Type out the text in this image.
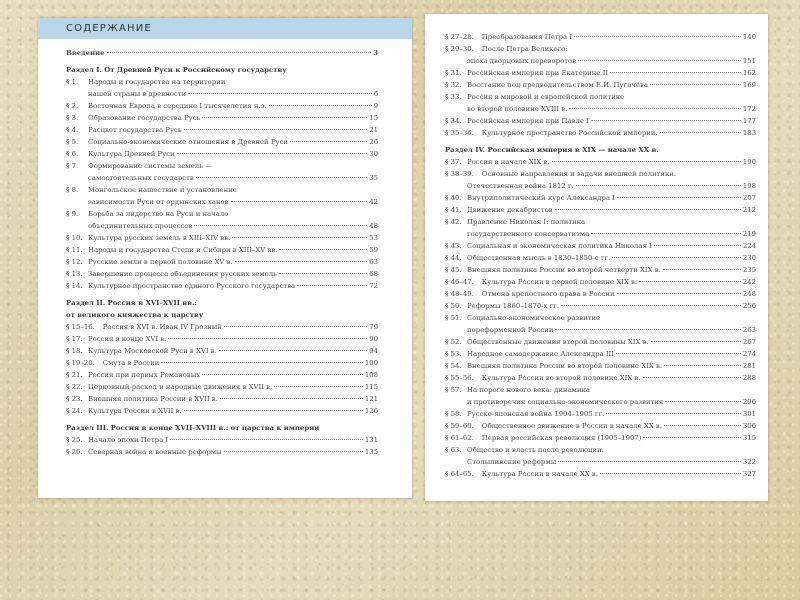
СОДЕРЖАНИЕ
Введение	3
Раздел I. От Древней Руси к Российскому государству
§ 1.	Народы и государства на территории
нашей страны в древности	6
§ 2.	Восточная Европа в середине I тысячелетия н.э.	9
§ 3.	Образование государства Русь	15
§ 4.	Расцвет государства Русь	21
§ 5.	Социально-экономические отношения в Древней Руси	26
§ 6.	Культура Древней Руси	30
§ 7.	Формирование системы земель —
самостоятельных государств	35
§ 8.	Монгольское нашествие и установление
зависимости Руси от ордынских ханов	42
§ 9.	Борьба за лидерство на Руси и начало
объединительных процессов	48
§ 10. Культура русских земель в XIII–XIV вв.	53
§ 11. Народы и государства Степи и Сибири в XIII–XV вв.	59
§ 12. Русские земли в первой половине XV в.	63
§ 13. Завершение процесса объединения русских земель	68
§ 14. Культурное пространство единого Русского государства	72
Раздел II. Россия в XVI–XVII вв.:
от великого княжества к царству
§ 15–16.	Россия в XVI в. Иван IV Грозный	79
§ 17. Россия в конце XVI в.	90
§ 18. Культура Московской Руси в XVI в.	94
§ 19–20.	Смута в России	100
§ 21. Россия при первых Романовых	108
§ 22. Церковный раскол и народные движения в XVII в.	115
§ 23. Внешняя политика России в XVII в.	121
§ 24. Культура России в XVII в.	126
Раздел III. Россия в конце XVII–XVIII в.: от царства к империи
§ 25. Начало эпохи Петра I	131
§ 26. Северная война и военные реформы	135
§ 27–28.	Преобразования Петра I	140
§ 29–30.	После Петра Великого:
эпоха дворцовых переворотов	151
§ 31. Российская империя при Екатерине II	162
§ 32. Восстание под предводительством Е.И. Пугачёва	169
§ 33. Россия в мировой и европейской политике
во второй половине XVIII в.	172
§ 34. Российская империя при Павле I	177
§ 35–36.	Культурное пространство Российской империи.	183
Раздел IV. Российская империя в XIX — начале XX в.
§ 37. Россия в начале XIX в.	190
§ 38–39.	Основные направления и задачи внешней политики.
Отечественная война 1812 г.	198
§ 40. Внутриполитический курс Александра I	207
§ 41. Движение декабристов	212
§ 42. Правление Николая I: политика
государственного консерватизма	219
§ 43. Социальная и экономическая политика Николая I	224
§ 44. Общественная мысль в 1830–1850-е гг.	230
§ 45. Внешняя политика России во второй четверти XIX в.	235
§ 46–47.	Культура России в первой половине XIX в.	242
§ 48–49.	Отмена крепостного права в России	248
§ 50. Реформы 1860–1870-х гг.	256
§ 51. Социально-экономическое развитие
пореформенной России	263
§ 52. Общественные движения второй половины XIX в.	267
§ 53. Народное самодержавие Александра III	274
§ 54. Внешняя политика России во второй половине XIX в.	281
§ 55–56.	Культура России во второй половине XIX в.	288
§ 57. На пороге нового века: динамика
и противоречия социально-экономического развития	296
§ 58. Русско-японская война 1904–1905 гг.	301
§ 59–60.	Общественное движение в России в начале XX в.	306
§ 61–62.	Первая российская революция (1905–1907)	315
§ 63. Общество и власть после революции.
Столыпинские реформы	322
§ 64–65.	Культура России в начале XX в.	327
